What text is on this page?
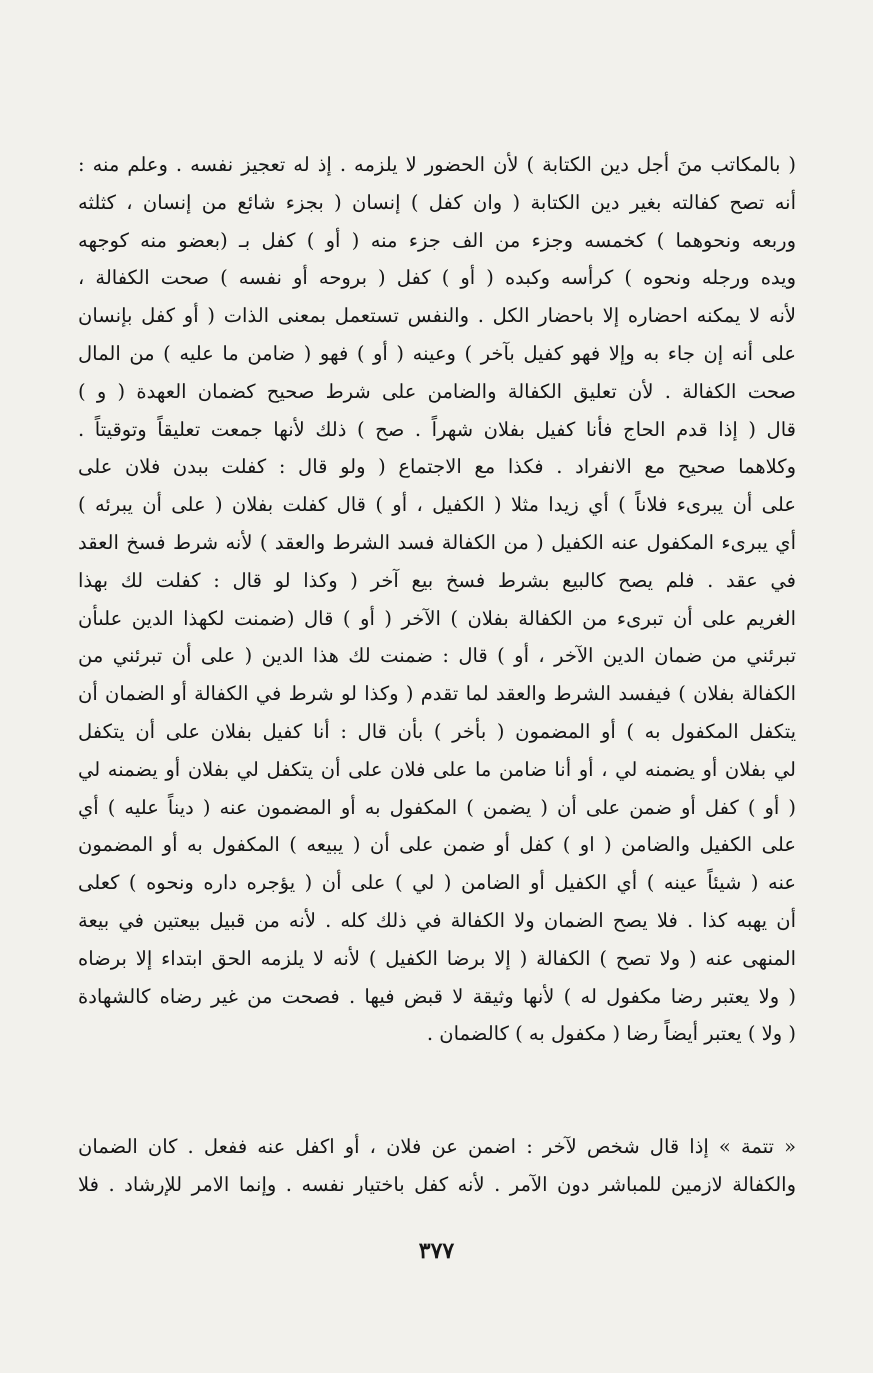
( بالمكاتب منَ أجل دين الكتابة ) لأن الحضور لا يلزمه . إذ له تعجيز نفسه . وعلم منه :
أنه تصح كفالته بغير دين الكتابة ( وان كفل ) إنسان ( بجزء شائع من إنسان ، كثلثه
وربعه ونحوهما ) كخمسه وجزء من الف جزء منه ( أو ) كفل بـ (بعضو منه كوجهه
ويده ورجله ونحوه ) كرأسه وكبده ( أو ) كفل ( بروحه أو نفسه ) صحت الكفالة ،
لأنه لا يمكنه احضاره إلا باحضار الكل . والنفس تستعمل بمعنى الذات ( أو كفل بإنسان
على أنه إن جاء به وإلا فهو كفيل بآخر ) وعينه ( أو ) فهو ( ضامن ما عليه ) من المال
صحت الكفالة . لأن تعليق الكفالة والضامن على شرط صحيح كضمان العهدة ( و )
قال ( إذا قدم الحاج فأنا كفيل بفلان شهراً . صح ) ذلك لأنها جمعت تعليقاً وتوقيتاً .
وكلاهما صحيح مع الانفراد . فكذا مع الاجتماع ( ولو قال : كفلت ببدن فلان على
على أن يبرىء فلاناً ) أي زيدا مثلا ( الكفيل ، أو ) قال كفلت بفلان ( على أن يبرئه )
أي يبرىء المكفول عنه الكفيل ( من الكفالة فسد الشرط والعقد ) لأنه شرط فسخ العقد
في عقد . فلم يصح كالبيع بشرط فسخ بيع آخر ( وكذا لو قال : كفلت لك بهذا
الغريم على أن تبرىء من الكفالة بفلان ) الآخر ( أو ) قال (ضمنت لكهذا الدين علىأن
تبرئني من ضمان الدين الآخر ، أو ) قال : ضمنت لك هذا الدين ( على أن تبرئني من
الكفالة بفلان ) فيفسد الشرط والعقد لما تقدم ( وكذا لو شرط في الكفالة أو الضمان أن
يتكفل المكفول به ) أو المضمون ( بأخر ) بأن قال : أنا كفيل بفلان على أن يتكفل
لي بفلان أو يضمنه لي ، أو أنا ضامن ما على فلان على أن يتكفل لي بفلان أو يضمنه لي
( أو ) كفل أو ضمن على أن ( يضمن ) المكفول به أو المضمون عنه ( ديناً عليه ) أي
على الكفيل والضامن ( او ) كفل أو ضمن على أن ( يبيعه ) المكفول به أو المضمون
عنه ( شيئاً عينه ) أي الكفيل أو الضامن ( لي ) على أن ( يؤجره داره ونحوه ) كعلى
أن يهبه كذا . فلا يصح الضمان ولا الكفالة في ذلك كله . لأنه من قبيل بيعتين في بيعة
المنهى عنه ( ولا تصح ) الكفالة ( إلا برضا الكفيل ) لأنه لا يلزمه الحق ابتداء إلا برضاه
( ولا يعتبر رضا مكفول له ) لأنها وثيقة لا قبض فيها . فصحت من غير رضاه كالشهادة
( ولا ) يعتبر أيضاً رضا ( مكفول به ) كالضمان .
« تتمة » إذا قال شخص لآخر : اضمن عن فلان ، أو اكفل عنه ففعل . كان الضمان
والكفالة لازمين للمباشر دون الآمر . لأنه كفل باختيار نفسه . وإنما الامر للإرشاد . فلا
٣٧٧
